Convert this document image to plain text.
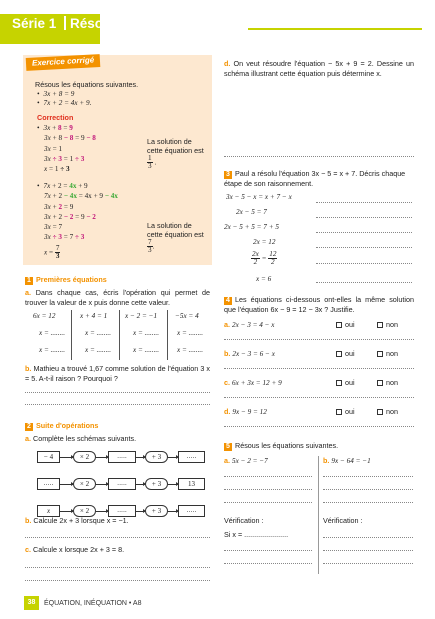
Série 1 Résoudre une équation
Exercice corrigé
Résous les équations suivantes.
• 3x + 8 = 9
• 7x + 2 = 4x + 9.
Correction
• 3x + 8 = 9
3x + 8 − 8 = 9 − 8
3x = 1
3x ÷ 3 = 1 ÷ 3
x = 1 ÷ 3
La solution de cette équation est
$\frac{1}{3}$ .
• 7x + 2 = 4x + 9
7x + 2 − 4x = 4x + 9 − 4x
3x + 2 = 9
3x + 2 − 2 = 9 − 2
3x = 7
3x ÷ 3 = 7 ÷ 3
$x = \frac{7}{3}$
La solution de cette équation est
$\frac{7}{3}$ .
1 Premières équations
a. Dans chaque cas, écris l'opération qui permet de trouver la valeur de x puis donne cette valeur.
6x = 12	x + 4 = 1 x − 2 = −1 −5x = 4
x = ........	x = ........	x = ........ x = ........
x = ........	x = ........	x = ........ x = ........
b. Mathieu a trouvé 1,67 comme solution de l'équation 3 x = 5. A-t-il raison ? Pourquoi ?
2 Suite d'opérations
a. Complète les schémas suivants.
− 4	× 2	.....	+ 3	.....
.....	× 2	.....	+ 3	13
x	× 2	.....	+ 3	.....
b. Calcule 2x + 3 lorsque x = −1.
c. Calcule x lorsque 2x + 3 = 8.
d. On veut résoudre l'équation − 5x + 9 = 2. Dessine un schéma illustrant cette équation puis détermine x.
3 Paul a résolu l'équation 3x − 5 = x + 7. Décris chaque étape de son raisonnement.
3x − 5 − x = x + 7 − x
2x − 5 = 7
2x − 5 + 5 = 7 + 5
2x = 12
$\frac{2x}{2} = \frac{12}{2}$
x = 6
4 Les équations ci-dessous ont-elles la même solution que l'équation 6x − 9 = 12 − 3x ? Justifie.
a. 2x − 3 = 4 − x	oui	non
b. 2x − 3 = 6 − x	oui	non
c. 6x + 3x = 12 + 9	oui	non
d. 9x − 9 = 12	oui	non
5 Résous les équations suivantes.
a. 5x − 2 = −7	b. 9x − 64 = −1
Vérification :	Vérification :
Si x = ......................
38	ÉQUATION, INÉQUATION • A8
